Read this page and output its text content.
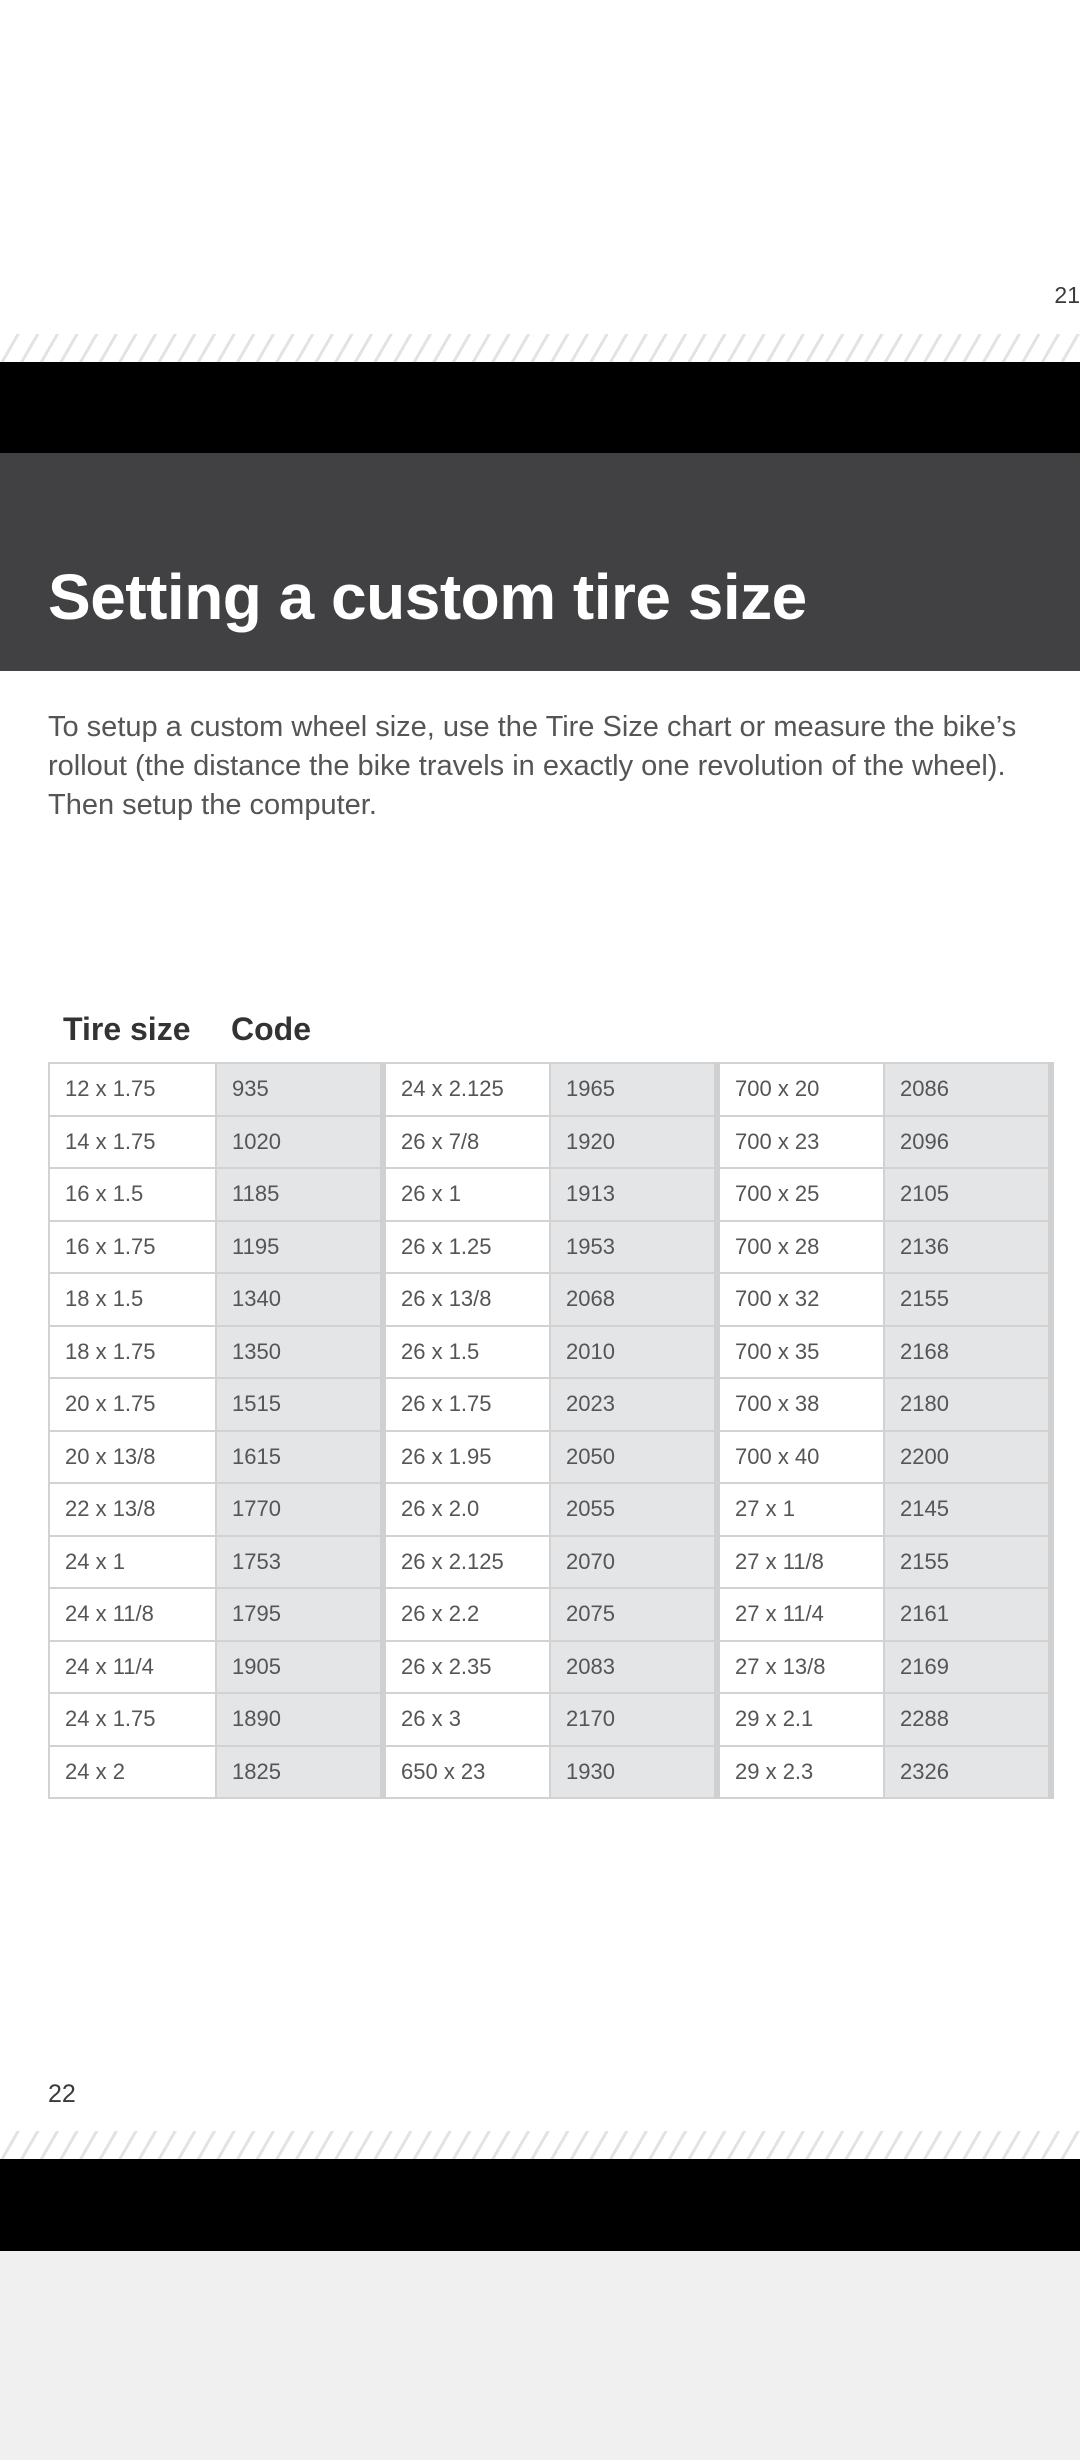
21
Setting a custom tire size

To setup a custom wheel size, use the Tire Size chart or measure the bike’s rollout (the distance the bike travels in exactly one revolution of the wheel). Then setup the computer.

Tire size Code
12 x 1.75	935	24 x 2.125	1965	700 x 20	2086
14 x 1.75	1020	26 x 7/8	1920	700 x 23	2096
16 x 1.5	1185	26 x 1	1913	700 x 25	2105
16 x 1.75	1195	26 x 1.25	1953	700 x 28	2136
18 x 1.5	1340	26 x 13/8	2068	700 x 32	2155
18 x 1.75	1350	26 x 1.5	2010	700 x 35	2168
20 x 1.75	1515	26 x 1.75	2023	700 x 38	2180
20 x 13/8	1615	26 x 1.95	2050	700 x 40	2200
22 x 13/8	1770	26 x 2.0	2055	27 x 1	2145
24 x 1	1753	26 x 2.125	2070	27 x 11/8	2155
24 x 11/8	1795	26 x 2.2	2075	27 x 11/4	2161
24 x 11/4	1905	26 x 2.35	2083	27 x 13/8	2169
24 x 1.75	1890	26 x 3	2170	29 x 2.1	2288
24 x 2	1825	650 x 23	1930	29 x 2.3	2326
22
